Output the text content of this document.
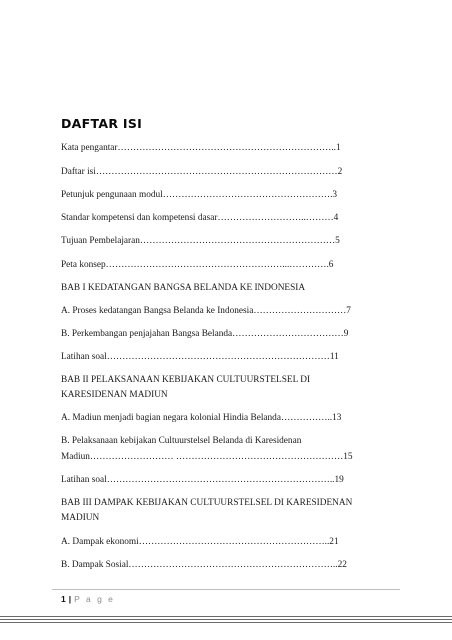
DAFTAR ISI
Kata pengantar……………………………………………………………..1
Daftar isi……………………………………………………………………2
Petunjuk pengunaan modul……………………………………………….3
Standar kompetensi dan kompetensi dasar………………………..………4
Tujuan Pembelajaran………………………………………………………5
Peta konsep…………………………………………………...………….6
BAB I KEDATANGAN BANGSA BELANDA KE INDONESIA
A. Proses kedatangan Bangsa Belanda ke Indonesia…………………………7
B. Perkembangan penjajahan Bangsa Belanda………………………………9
Latihan soal………………………………………………………………11
BAB II PELAKSANAAN KEBIJAKAN CULTUURSTELSEL DI
KARESIDENAN MADIUN
A. Madiun menjadi bagian negara kolonial Hindia Belanda……………..13
B. Pelaksanaan kebijakan Cultuurstelsel Belanda di Karesidenan
Madiun……………………… ………………………………………………15
Latihan soal………………………………………………………………..19
BAB III DAMPAK KEBIJAKAN CULTUURSTELSEL DI KARESIDENAN
MADIUN
A. Dampak ekonomi……………………………………………………..21
B. Dampak Sosial…………………………………………………………..22
1 | P a g e
